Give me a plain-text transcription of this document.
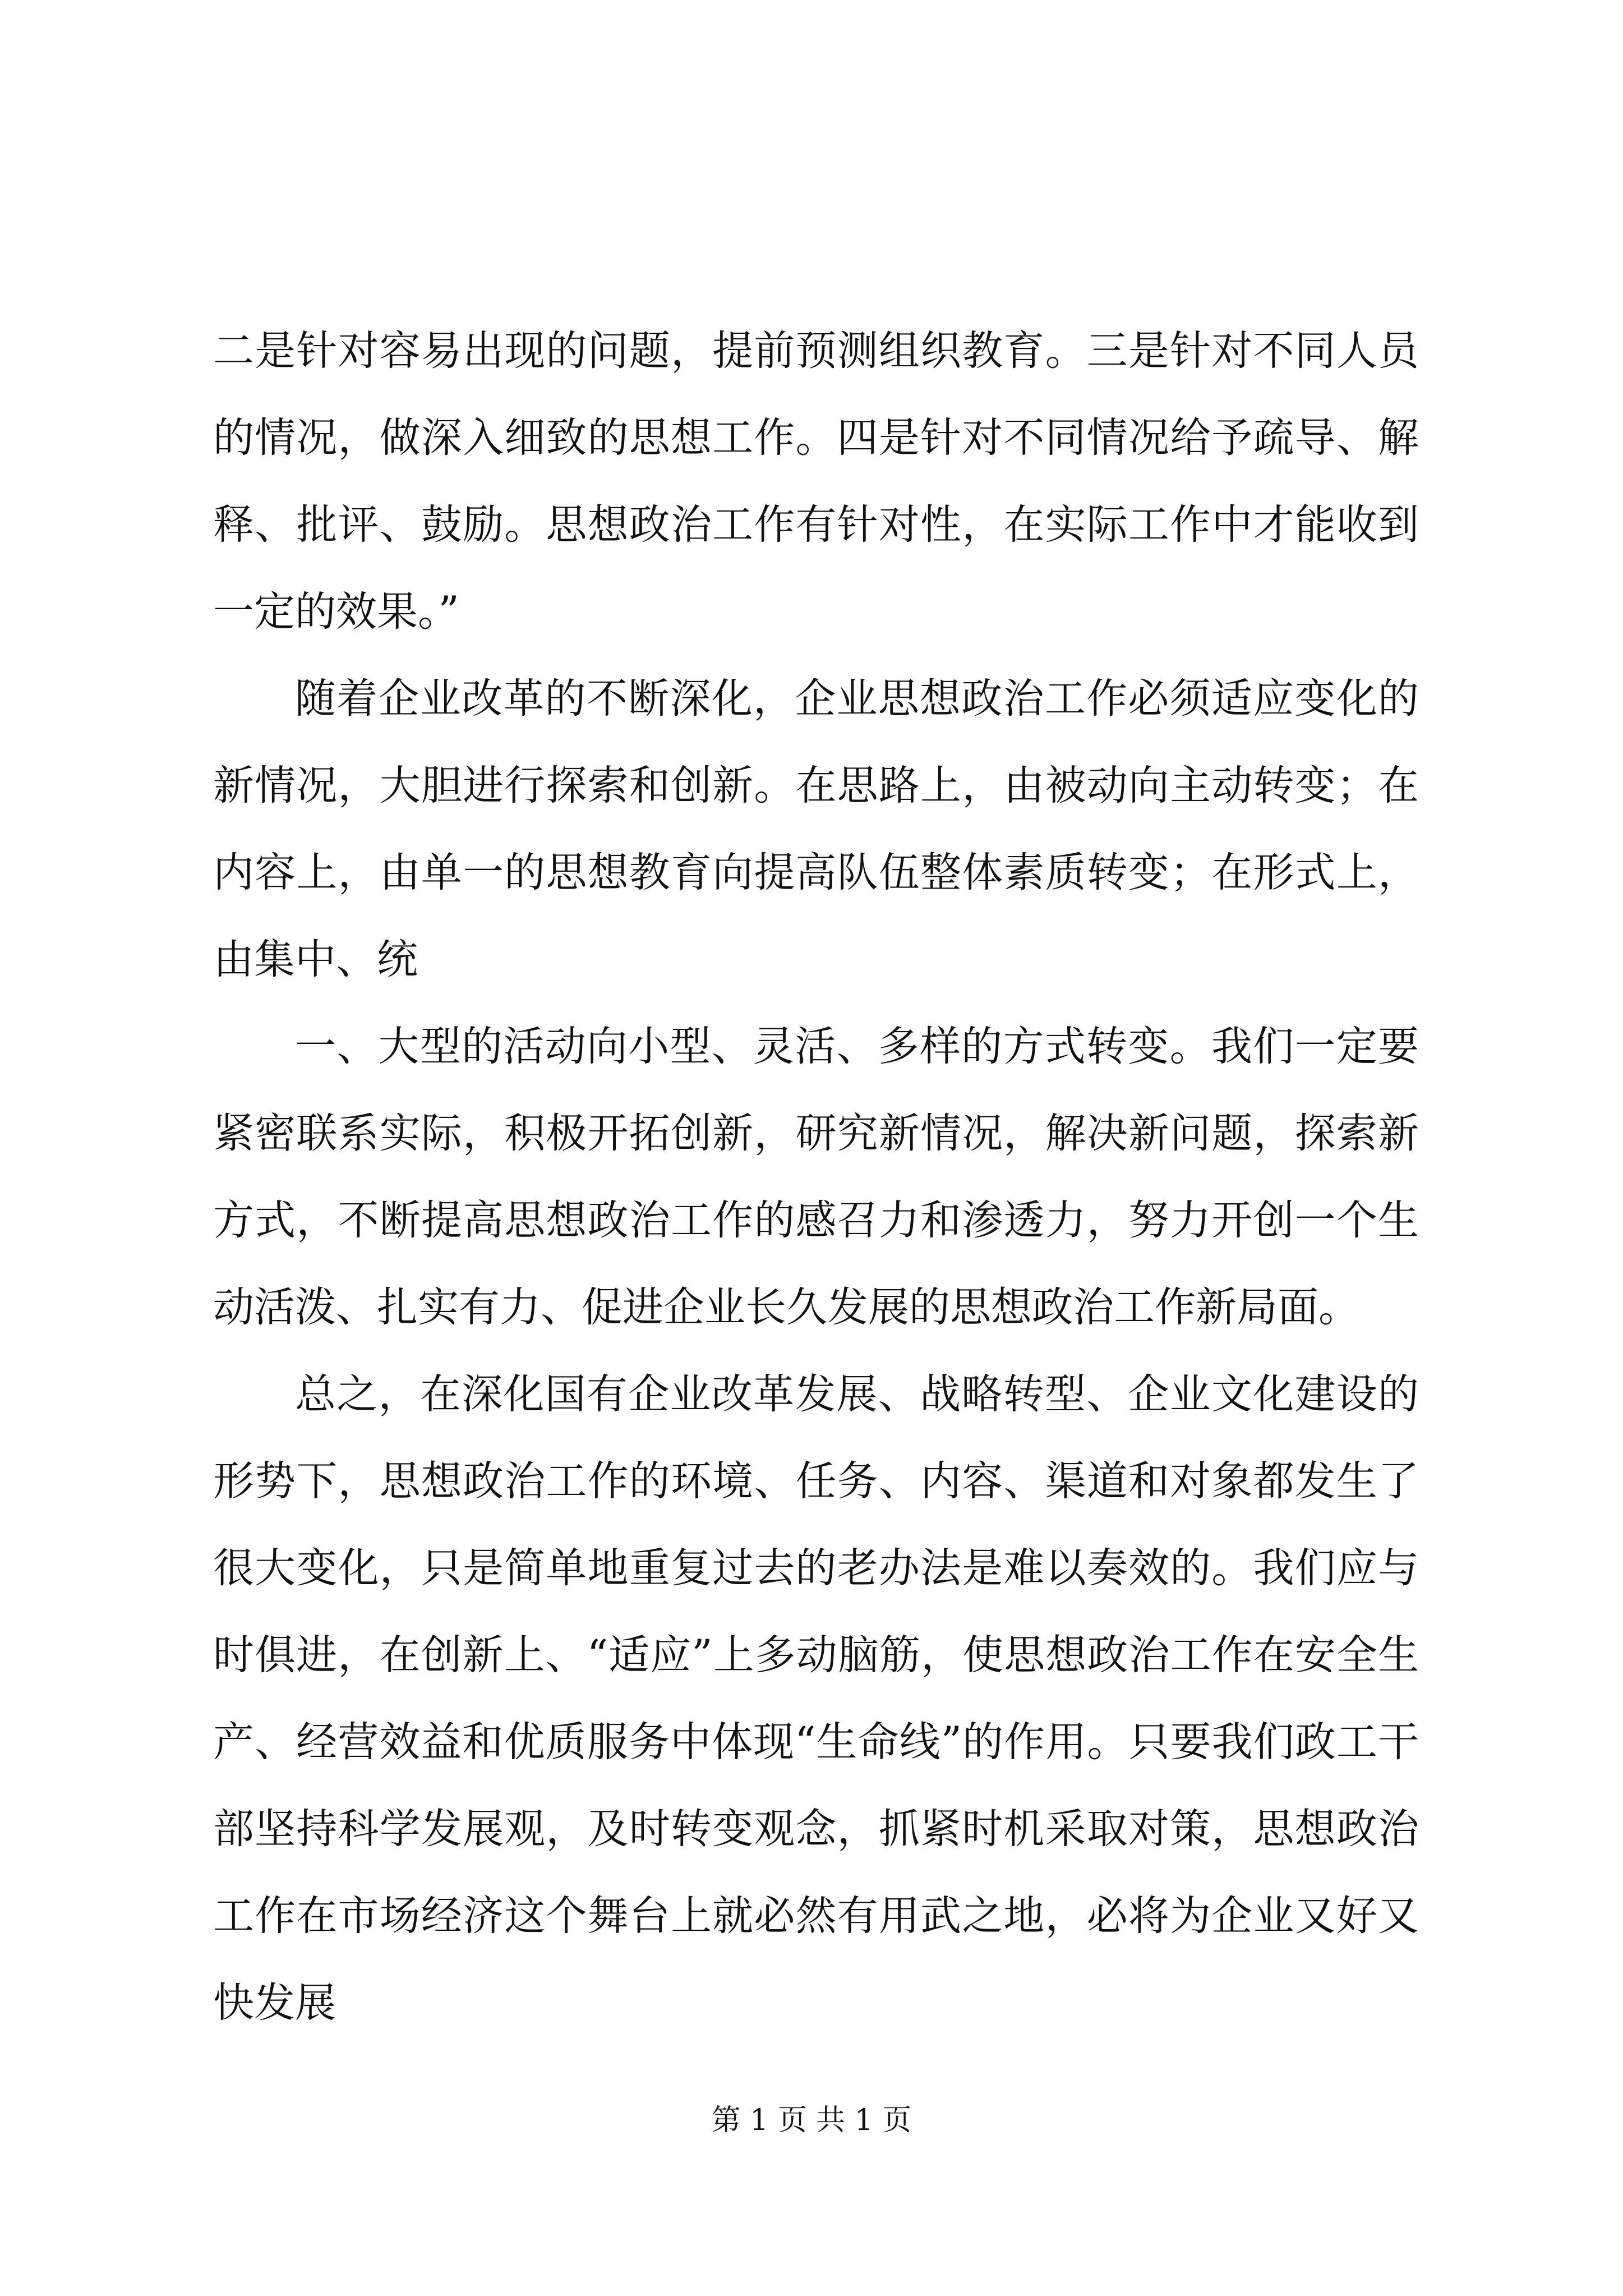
二是针对容易出现的问题，提前预测组织教育。三是针对不同人员的情况，做深入细致的思想工作。四是针对不同情况给予疏导、解释、批评、鼓励。思想政治工作有针对性，在实际工作中才能收到一定的效果。”

随着企业改革的不断深化，企业思想政治工作必须适应变化的新情况，大胆进行探索和创新。在思路上，由被动向主动转变；在内容上，由单一的思想教育向提高队伍整体素质转变；在形式上，由集中、统

一、大型的活动向小型、灵活、多样的方式转变。我们一定要紧密联系实际，积极开拓创新，研究新情况，解决新问题，探索新方式，不断提高思想政治工作的感召力和渗透力，努力开创一个生动活泼、扎实有力、促进企业长久发展的思想政治工作新局面。

总之，在深化国有企业改革发展、战略转型、企业文化建设的形势下，思想政治工作的环境、任务、内容、渠道和对象都发生了很大变化，只是简单地重复过去的老办法是难以奏效的。我们应与时俱进，在创新上、“适应”上多动脑筋，使思想政治工作在安全生产、经营效益和优质服务中体现“生命线”的作用。只要我们政工干部坚持科学发展观，及时转变观念，抓紧时机采取对策，思想政治工作在市场经济这个舞台上就必然有用武之地，必将为企业又好又快发展

第 1 页 共 1 页
